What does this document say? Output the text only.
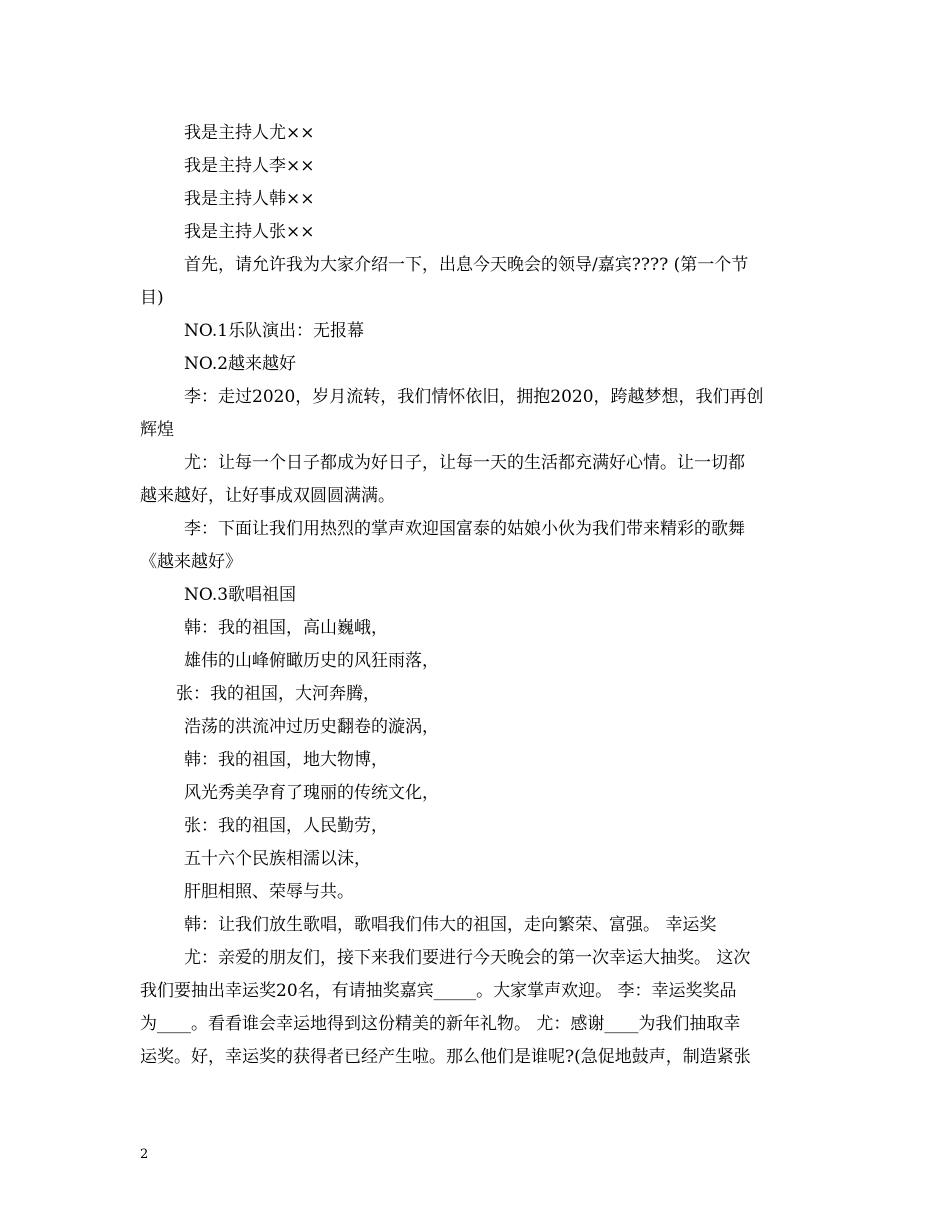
我是主持人尤××
我是主持人李××
我是主持人韩××
我是主持人张××
首先，请允许我为大家介绍一下，出息今天晚会的领导/嘉宾???? (第一个节
目)
NO.1乐队演出：无报幕
NO.2越来越好
李：走过2020，岁月流转，我们情怀依旧，拥抱2020，跨越梦想，我们再创
辉煌
尤：让每一个日子都成为好日子，让每一天的生活都充满好心情。让一切都
越来越好，让好事成双圆圆满满。
李：下面让我们用热烈的掌声欢迎国富泰的姑娘小伙为我们带来精彩的歌舞
《越来越好》
NO.3歌唱祖国
韩：我的祖国，高山巍峨，
雄伟的山峰俯瞰历史的风狂雨落，
张：我的祖国，大河奔腾，
浩荡的洪流冲过历史翻卷的漩涡，
韩：我的祖国，地大物博，
风光秀美孕育了瑰丽的传统文化，
张：我的祖国，人民勤劳，
五十六个民族相濡以沫，
肝胆相照、荣辱与共。
韩：让我们放生歌唱，歌唱我们伟大的祖国，走向繁荣、富强。 幸运奖
尤：亲爱的朋友们，接下来我们要进行今天晚会的第一次幸运大抽奖。 这次
我们要抽出幸运奖20名，有请抽奖嘉宾_____。大家掌声欢迎。 李：幸运奖奖品
为____。看看谁会幸运地得到这份精美的新年礼物。 尤：感谢____为我们抽取幸
运奖。好，幸运奖的获得者已经产生啦。那么他们是谁呢?(急促地鼓声，制造紧张
2
